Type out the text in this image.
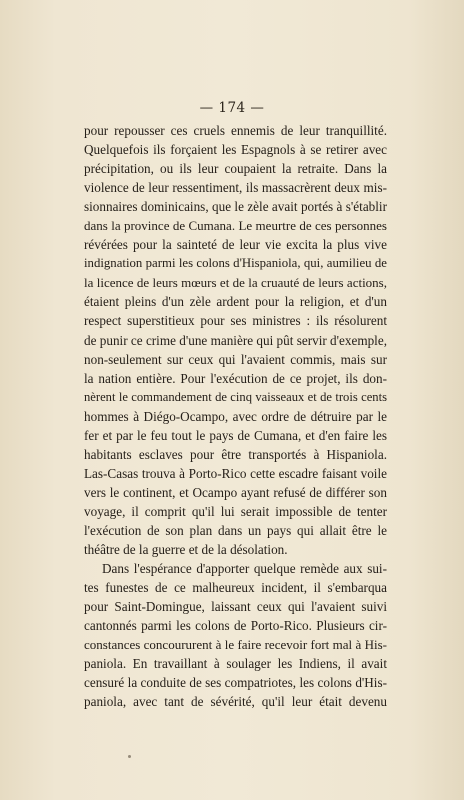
— 174 —

pour repousser ces cruels ennemis de leur tranquillité.
Quelquefois ils forçaient les Espagnols à se retirer avec
précipitation, ou ils leur coupaient la retraite. Dans la
violence de leur ressentiment, ils massacrèrent deux mis-
sionnaires dominicains, que le zèle avait portés à s'établir
dans la province de Cumana. Le meurtre de ces personnes
révérées pour la sainteté de leur vie excita la plus vive
indignation parmi les colons d'Hispaniola, qui, aumilieu de
la licence de leurs mœurs et de la cruauté de leurs actions,
étaient pleins d'un zèle ardent pour la religion, et d'un
respect superstitieux pour ses ministres : ils résolurent
de punir ce crime d'une manière qui pût servir d'exemple,
non-seulement sur ceux qui l'avaient commis, mais sur
la nation entière. Pour l'exécution de ce projet, ils don-
nèrent le commandement de cinq vaisseaux et de trois cents
hommes à Diégo-Ocampo, avec ordre de détruire par le
fer et par le feu tout le pays de Cumana, et d'en faire les
habitants esclaves pour être transportés à Hispaniola.
Las-Casas trouva à Porto-Rico cette escadre faisant voile
vers le continent, et Ocampo ayant refusé de différer son
voyage, il comprit qu'il lui serait impossible de tenter
l'exécution de son plan dans un pays qui allait être le
théâtre de la guerre et de la désolation.

Dans l'espérance d'apporter quelque remède aux sui-
tes funestes de ce malheureux incident, il s'embarqua
pour Saint-Domingue, laissant ceux qui l'avaient suivi
cantonnés parmi les colons de Porto-Rico. Plusieurs cir-
constances concoururent à le faire recevoir fort mal à His-
paniola. En travaillant à soulager les Indiens, il avait
censuré la conduite de ses compatriotes, les colons d'His-
paniola, avec tant de sévérité, qu'il leur était devenu
